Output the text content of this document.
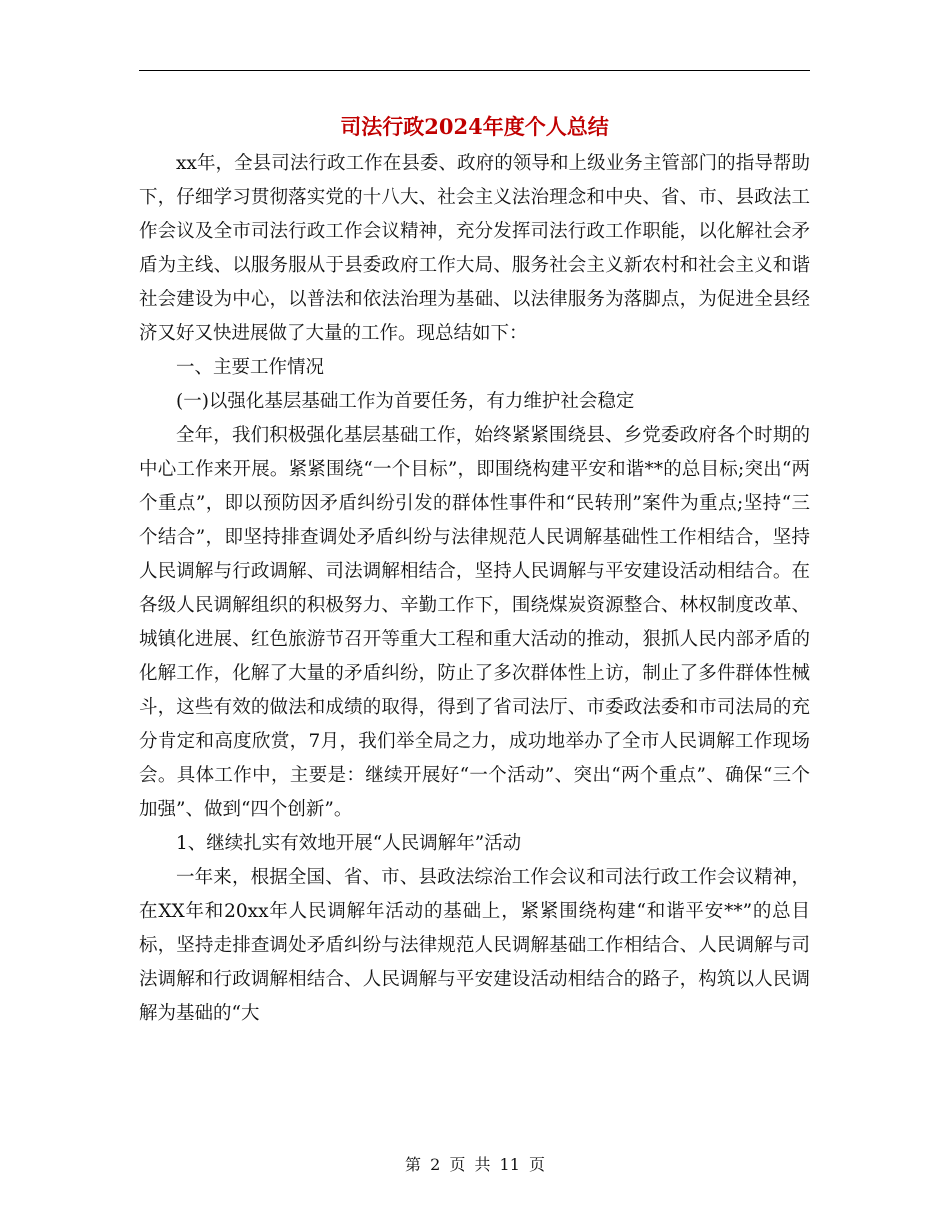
司法行政2024年度个人总结

xx年，全县司法行政工作在县委、政府的领导和上级业务主管部门的指导帮助下，仔细学习贯彻落实党的十八大、社会主义法治理念和中央、省、市、县政法工作会议及全市司法行政工作会议精神，充分发挥司法行政工作职能，以化解社会矛盾为主线、以服务服从于县委政府工作大局、服务社会主义新农村和社会主义和谐社会建设为中心，以普法和依法治理为基础、以法律服务为落脚点，为促进全县经济又好又快进展做了大量的工作。现总结如下：

一、主要工作情况

(一)以强化基层基础工作为首要任务，有力维护社会稳定

全年，我们积极强化基层基础工作，始终紧紧围绕县、乡党委政府各个时期的中心工作来开展。紧紧围绕“一个目标”，即围绕构建平安和谐**的总目标;突出“两个重点”，即以预防因矛盾纠纷引发的群体性事件和“民转刑”案件为重点;坚持“三个结合”，即坚持排查调处矛盾纠纷与法律规范人民调解基础性工作相结合，坚持人民调解与行政调解、司法调解相结合，坚持人民调解与平安建设活动相结合。在各级人民调解组织的积极努力、辛勤工作下，围绕煤炭资源整合、林权制度改革、城镇化进展、红色旅游节召开等重大工程和重大活动的推动，狠抓人民内部矛盾的化解工作，化解了大量的矛盾纠纷，防止了多次群体性上访，制止了多件群体性械斗，这些有效的做法和成绩的取得，得到了省司法厅、市委政法委和市司法局的充分肯定和高度欣赏，7月，我们举全局之力，成功地举办了全市人民调解工作现场会。具体工作中，主要是：继续开展好“一个活动”、突出“两个重点”、确保“三个加强”、做到“四个创新”。

1、继续扎实有效地开展“人民调解年”活动

一年来，根据全国、省、市、县政法综治工作会议和司法行政工作会议精神，在XX年和20xx年人民调解年活动的基础上，紧紧围绕构建“和谐平安**”的总目标，坚持走排查调处矛盾纠纷与法律规范人民调解基础工作相结合、人民调解与司法调解和行政调解相结合、人民调解与平安建设活动相结合的路子，构筑以人民调解为基础的“大

第 2 页 共 11 页
